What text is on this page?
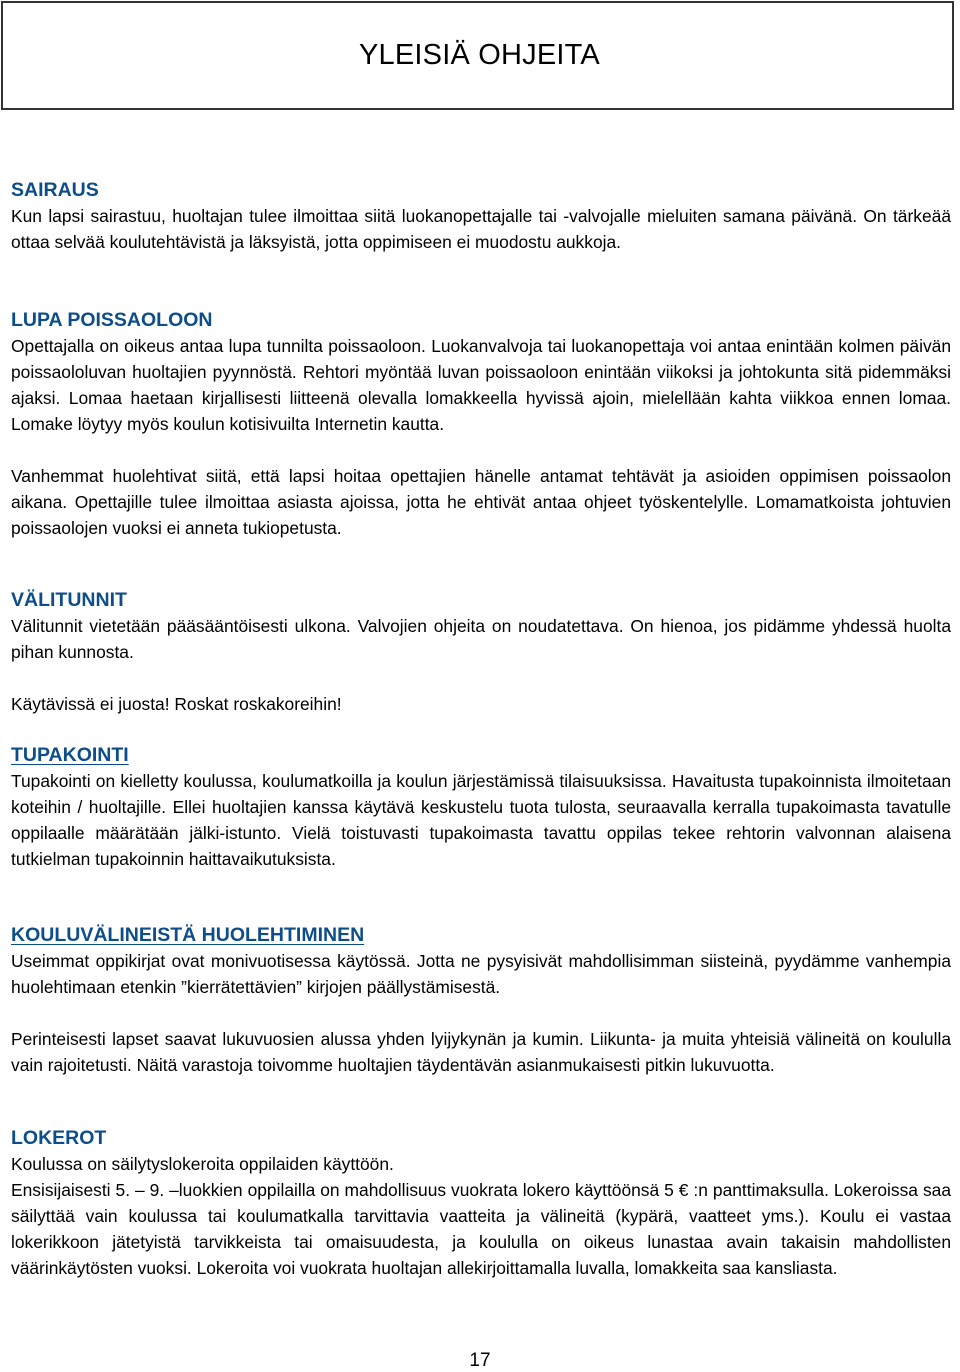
YLEISIÄ OHJEITA
SAIRAUS

Kun lapsi sairastuu, huoltajan tulee ilmoittaa siitä luokanopettajalle tai -valvojalle mieluiten samana päivänä. On tärkeää ottaa selvää koulutehtävistä ja läksyistä, jotta oppimiseen ei muodostu aukkoja.

LUPA POISSAOLOON

Opettajalla on oikeus antaa lupa tunnilta poissaoloon. Luokanvalvoja tai luokanopettaja voi antaa enintään kolmen päivän poissaololuvan huoltajien pyynnöstä. Rehtori myöntää luvan poissaoloon enintään viikoksi ja johtokunta sitä pidemmäksi ajaksi. Lomaa haetaan kirjallisesti liitteenä olevalla lomakkeella hyvissä ajoin, mielellään kahta viikkoa ennen lomaa. Lomake löytyy myös koulun kotisivuilta Internetin kautta.

Vanhemmat huolehtivat siitä, että lapsi hoitaa opettajien hänelle antamat tehtävät ja asioiden oppimisen poissaolon aikana. Opettajille tulee ilmoittaa asiasta ajoissa, jotta he ehtivät antaa ohjeet työskentelylle. Lomamatkoista johtuvien poissaolojen vuoksi ei anneta tukiopetusta.

VÄLITUNNIT

Välitunnit vietetään pääsääntöisesti ulkona. Valvojien ohjeita on noudatettava. On hienoa, jos pidämme yhdessä huolta pihan kunnosta.

Käytävissä ei juosta! Roskat roskakoreihin!

TUPAKOINTI

Tupakointi on kielletty koulussa, koulumatkoilla ja koulun järjestämissä tilaisuuksissa. Havaitusta tupakoinnista ilmoitetaan koteihin / huoltajille. Ellei huoltajien kanssa käytävä keskustelu tuota tulosta, seuraavalla kerralla tupakoimasta tavatulle oppilaalle määrätään jälki-istunto. Vielä toistuvasti tupakoimasta tavattu oppilas tekee rehtorin valvonnan alaisena tutkielman tupakoinnin haittavaikutuksista.

KOULUVÄLINEISTÄ HUOLEHTIMINEN

Useimmat oppikirjat ovat monivuotisessa käytössä. Jotta ne pysyisivät mahdollisimman siisteinä, pyydämme vanhempia huolehtimaan etenkin ”kierrätettävien” kirjojen päällystämisestä.

Perinteisesti lapset saavat lukuvuosien alussa yhden lyijykynän ja kumin. Liikunta- ja muita yhteisiä välineitä on koululla vain rajoitetusti. Näitä varastoja toivomme huoltajien täydentävän asianmukaisesti pitkin lukuvuotta.

LOKEROT

Koulussa on säilytyslokeroita oppilaiden käyttöön.

Ensisijaisesti 5. – 9. –luokkien oppilailla on mahdollisuus vuokrata lokero käyttöönsä 5 € :n panttimaksulla. Lokeroissa saa säilyttää vain koulussa tai koulumatkalla tarvittavia vaatteita ja välineitä (kypärä, vaatteet yms.). Koulu ei vastaa lokerikkoon jätetyistä tarvikkeista tai omaisuudesta, ja koululla on oikeus lunastaa avain takaisin mahdollisten väärinkäytösten vuoksi. Lokeroita voi vuokrata huoltajan allekirjoittamalla luvalla, lomakkeita saa kansliasta.

17
